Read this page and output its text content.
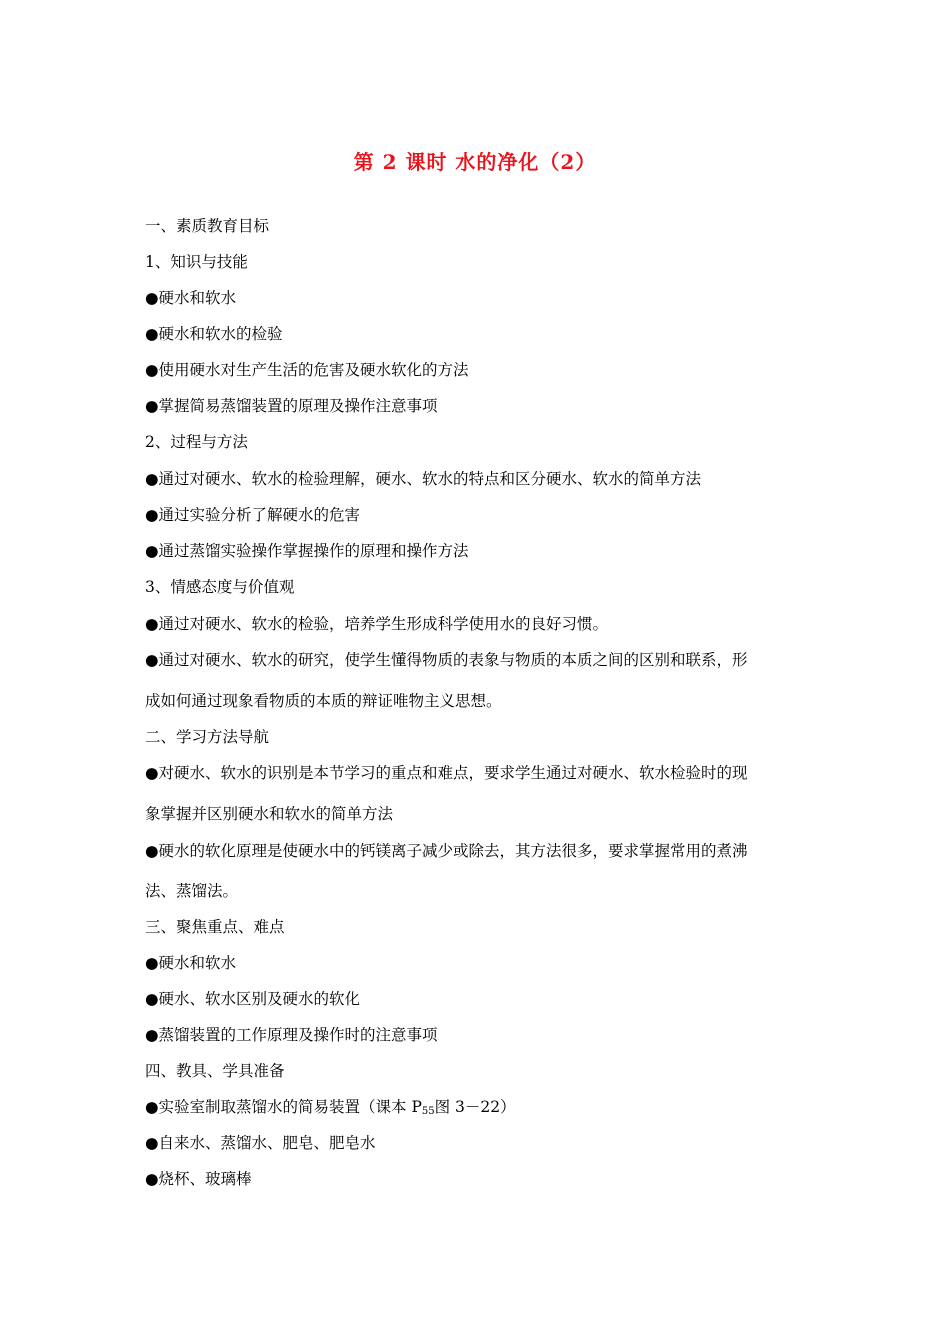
第 2 课时 水的净化（2）
一、素质教育目标
1、知识与技能
●硬水和软水
●硬水和软水的检验
●使用硬水对生产生活的危害及硬水软化的方法
●掌握简易蒸馏装置的原理及操作注意事项
2、过程与方法
●通过对硬水、软水的检验理解，硬水、软水的特点和区分硬水、软水的简单方法
●通过实验分析了解硬水的危害
●通过蒸馏实验操作掌握操作的原理和操作方法
3、情感态度与价值观
●通过对硬水、软水的检验，培养学生形成科学使用水的良好习惯。
●通过对硬水、软水的研究，使学生懂得物质的表象与物质的本质之间的区别和联系，形
成如何通过现象看物质的本质的辩证唯物主义思想。
二、学习方法导航
●对硬水、软水的识别是本节学习的重点和难点，要求学生通过对硬水、软水检验时的现
象掌握并区别硬水和软水的简单方法
●硬水的软化原理是使硬水中的钙镁离子减少或除去，其方法很多，要求掌握常用的煮沸
法、蒸馏法。
三、聚焦重点、难点
●硬水和软水
●硬水、软水区别及硬水的软化
●蒸馏装置的工作原理及操作时的注意事项
四、教具、学具准备
●实验室制取蒸馏水的简易装置（课本 $P_{55}$图 3－22）
●自来水、蒸馏水、肥皂、肥皂水
●烧杯、玻璃棒
